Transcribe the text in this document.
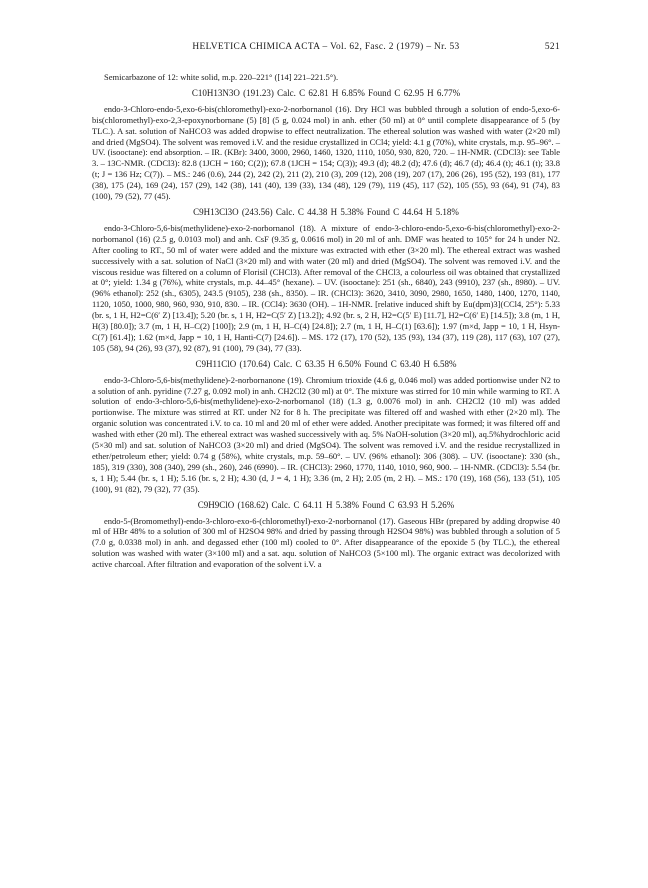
HELVETICA CHIMICA ACTA – Vol. 62, Fasc. 2 (1979) – Nr. 53	521

Semicarbazone of 12: white solid, m.p. 220–221° ([14] 221–221.5°).

C10H13N3O (191.23) Calc. C 62.81 H 6.85% Found C 62.95 H 6.77%

endo-3-Chloro-endo-5,exo-6-bis(chloromethyl)-exo-2-norbornanol (16). Dry HCl was bubbled through a solution of endo-5,exo-6-bis(chloromethyl)-exo-2,3-epoxynorbornane (5) [8] (5 g, 0.024 mol) in anh. ether (50 ml) at 0° until complete disappearance of 5 (by TLC.). A sat. solution of NaHCO3 was added dropwise to effect neutralization. The ethereal solution was washed with water (2×20 ml) and dried (MgSO4). The solvent was removed i.V. and the residue crystallized in CCl4; yield: 4.1 g (70%), white crystals, m.p. 95–96°. – UV. (isooctane): end absorption. – IR. (KBr): 3400, 3000, 2960, 1460, 1320, 1110, 1050, 930, 820, 720. – 1H-NMR. (CDCl3): see Table 3. – 13C-NMR. (CDCl3): 82.8 (1JCH = 160; C(2)); 67.8 (1JCH = 154; C(3)); 49.3 (d); 48.2 (d); 47.6 (d); 46.7 (d); 46.4 (t); 46.1 (t); 33.8 (t; J = 136 Hz; C(7)). – MS.: 246 (0.6), 244 (2), 242 (2), 211 (2), 210 (3), 209 (12), 208 (19), 207 (17), 206 (26), 195 (52), 193 (81), 177 (38), 175 (24), 169 (24), 157 (29), 142 (38), 141 (40), 139 (33), 134 (48), 129 (79), 119 (45), 117 (52), 105 (55), 93 (64), 91 (74), 83 (100), 79 (52), 77 (45).

C9H13Cl3O (243.56) Calc. C 44.38 H 5.38% Found C 44.64 H 5.18%

endo-3-Chloro-5,6-bis(methylidene)-exo-2-norbornanol (18). A mixture of endo-3-chloro-endo-5,exo-6-bis(chloromethyl)-exo-2-norbornanol (16) (2.5 g, 0.0103 mol) and anh. CsF (9.35 g, 0.0616 mol) in 20 ml of anh. DMF was heated to 105° for 24 h under N2. After cooling to RT., 50 ml of water were added and the mixture was extracted with ether (3×20 ml). The ethereal extract was washed successively with a sat. solution of NaCl (3×20 ml) and with water (20 ml) and dried (MgSO4). The solvent was removed i.V. and the viscous residue was filtered on a column of Florisil (CHCl3). After removal of the CHCl3, a colourless oil was obtained that crystallized at 0°; yield: 1.34 g (76%), white crystals, m.p. 44–45° (hexane). – UV. (isooctane): 251 (sh., 6840), 243 (9910), 237 (sh., 8980). – UV. (96% ethanol): 252 (sh., 6305), 243.5 (9105), 238 (sh., 8350). – IR. (CHCl3): 3620, 3410, 3090, 2980, 1650, 1480, 1400, 1270, 1140, 1120, 1050, 1000, 980, 960, 930, 910, 830. – IR. (CCl4): 3630 (OH). – 1H-NMR. [relative induced shift by Eu(dpm)3](CCl4, 25°): 5.33 (br. s, 1 H, H2=C(6′ Z) [13.4]); 5.20 (br. s, 1 H, H2=C(5′ Z) [13.2]); 4.92 (br. s, 2 H, H2=C(5′ E) [11.7], H2=C(6′ E) [14.5]); 3.8 (m, 1 H, H(3) [80.0]); 3.7 (m, 1 H, H–C(2) [100]); 2.9 (m, 1 H, H–C(4) [24.8]); 2.7 (m, 1 H, H–C(1) [63.6]); 1.97 (m×d, Japp = 10, 1 H, Hsyn-C(7) [61.4]); 1.62 (m×d, Japp = 10, 1 H, Hanti-C(7) [24.6]). – MS. 172 (17), 170 (52), 135 (93), 134 (37), 119 (28), 117 (63), 107 (27), 105 (58), 94 (26), 93 (37), 92 (87), 91 (100), 79 (34), 77 (33).

C9H11ClO (170.64) Calc. C 63.35 H 6.50% Found C 63.40 H 6.58%

endo-3-Chloro-5,6-bis(methylidene)-2-norbornanone (19). Chromium trioxide (4.6 g, 0.046 mol) was added portionwise under N2 to a solution of anh. pyridine (7.27 g, 0.092 mol) in anh. CH2Cl2 (30 ml) at 0°. The mixture was stirred for 10 min while warming to RT. A solution of endo-3-chloro-5,6-bis(methylidene)-exo-2-norbornanol (18) (1.3 g, 0.0076 mol) in anh. CH2Cl2 (10 ml) was added portionwise. The mixture was stirred at RT. under N2 for 8 h. The precipitate was filtered off and washed with ether (2×20 ml). The organic solution was concentrated i.V. to ca. 10 ml and 20 ml of ether were added. Another precipitate was formed; it was filtered off and washed with ether (20 ml). The ethereal extract was washed successively with aq. 5% NaOH-solution (3×20 ml), aq.5%hydrochloric acid (5×30 ml) and sat. solution of NaHCO3 (3×20 ml) and dried (MgSO4). The solvent was removed i.V. and the residue recrystallized in ether/petroleum ether; yield: 0.74 g (58%), white crystals, m.p. 59–60°. – UV. (96% ethanol): 306 (308). – UV. (isooctane): 330 (sh., 185), 319 (330), 308 (340), 299 (sh., 260), 246 (6990). – IR. (CHCl3): 2960, 1770, 1140, 1010, 960, 900. – 1H-NMR. (CDCl3): 5.54 (br. s, 1 H); 5.44 (br. s, 1 H); 5.16 (br. s, 2 H); 4.30 (d, J = 4, 1 H); 3.36 (m, 2 H); 2.05 (m, 2 H). – MS.: 170 (19), 168 (56), 133 (51), 105 (100), 91 (82), 79 (32), 77 (35).

C9H9ClO (168.62) Calc. C 64.11 H 5.38% Found C 63.93 H 5.26%

endo-5-(Bromomethyl)-endo-3-chloro-exo-6-(chloromethyl)-exo-2-norbornanol (17). Gaseous HBr (prepared by adding dropwise 40 ml of HBr 48% to a solution of 300 ml of H2SO4 98% and dried by passing through H2SO4 98%) was bubbled through a solution of 5 (7.0 g, 0.0338 mol) in anh. and degassed ether (100 ml) cooled to 0°. After disappearance of the epoxide 5 (by TLC.), the ethereal solution was washed with water (3×100 ml) and a sat. aqu. solution of NaHCO3 (5×100 ml). The organic extract was decolorized with active charcoal. After filtration and evaporation of the solvent i.V. a
